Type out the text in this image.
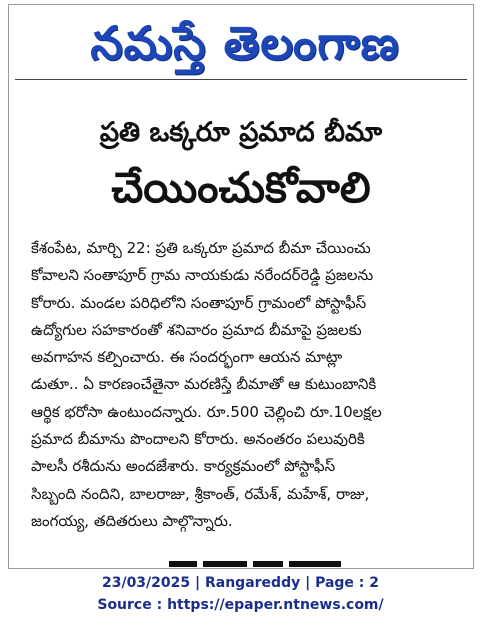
నమస్తే తెలంగాణ
ప్రతి ఒక్కరూ ప్రమాద బీమా
చేయించుకోవాలి
కేశంపేట, మార్చి 22: ప్రతి ఒక్కరూ ప్రమాద బీమా చేయించు
కోవాలని సంతాపూర్ గ్రామ నాయకుడు నరేందర్‌రెడ్డి ప్రజలను
కోరారు. మండల పరిధిలోని సంతాపూర్ గ్రామంలో పోస్టాఫీస్
ఉద్యోగుల సహకారంతో శనివారం ప్రమాద బీమాపై ప్రజలకు
అవగాహన కల్పించారు. ఈ సందర్భంగా ఆయన మాట్లా
డుతూ.. ఏ కారణంచేతైనా మరణిస్తే బీమాతో ఆ కుటుంబానికి
ఆర్థిక భరోసా ఉంటుందన్నారు. రూ.500 చెల్లించి రూ.10లక్షల
ప్రమాద బీమాను పొందాలని కోరారు. అనంతరం పలువురికి
పాలసీ రశీదును అందజేశారు. కార్యక్రమంలో పోస్టాఫీస్
సిబ్బంది నందిని, బాలరాజు, శ్రీకాంత్, రమేశ్, మహేశ్, రాజు,
జంగయ్య, తదితరులు పాల్గొన్నారు.
23/03/2025 | Rangareddy | Page : 2
Source : https://epaper.ntnews.com/
